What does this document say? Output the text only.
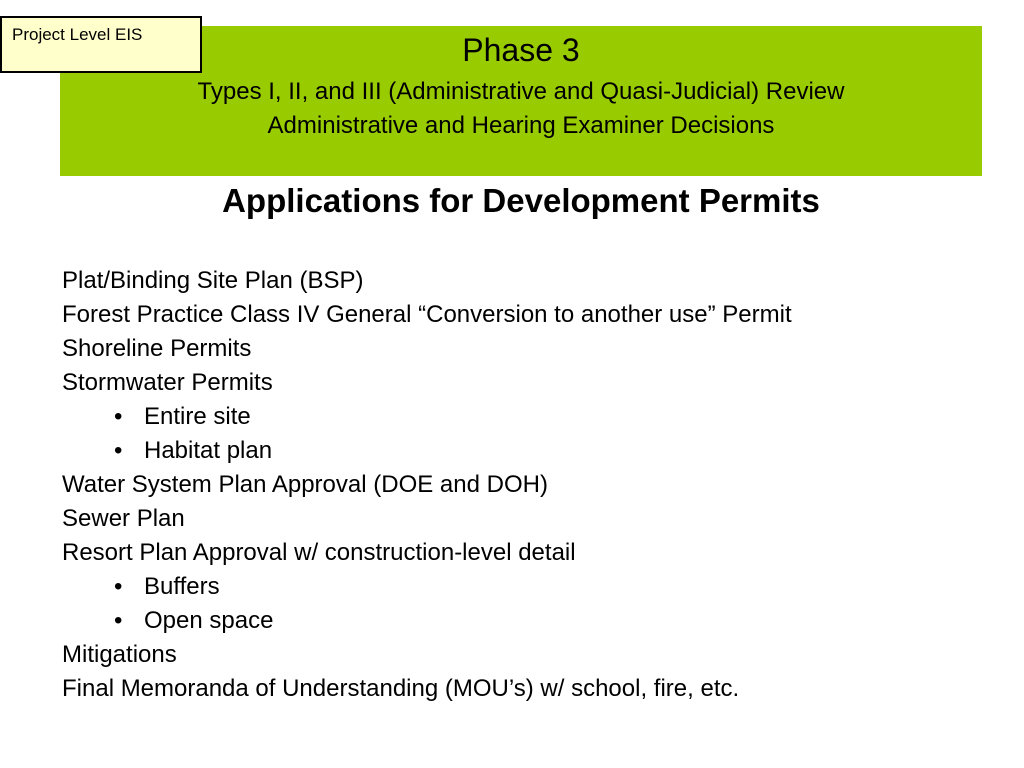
Project Level EIS	Phase 3

Types I, II, and III (Administrative and Quasi-Judicial) Review

Administrative and Hearing Examiner Decisions

Applications for Development Permits
Plat/Binding Site Plan (BSP)
Forest Practice Class IV General “Conversion to another use” Permit
Shoreline Permits
Stormwater Permits
• Entire site
• Habitat plan
Water System Plan Approval (DOE and DOH)
Sewer Plan
Resort Plan Approval w/ construction-level detail
• Buffers
• Open space
Mitigations
Final Memoranda of Understanding (MOU’s) w/ school, fire, etc.
